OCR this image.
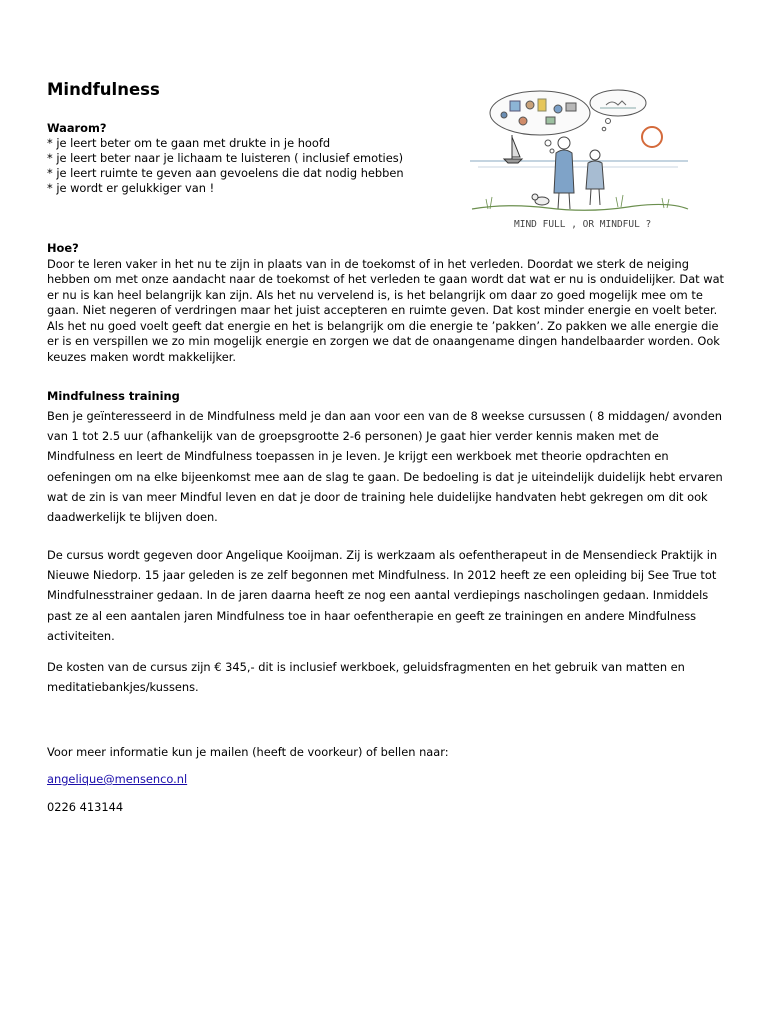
Mindfulness
Waarom?
* je leert beter om te gaan met drukte in je hoofd
* je leert beter naar je lichaam te luisteren ( inclusief emoties)
* je leert ruimte te geven aan gevoelens die dat nodig hebben
* je wordt er gelukkiger van !
MIND FULL , OR MINDFUL ?
Hoe?

Door te leren vaker in het nu te zijn in plaats van in de toekomst of in het verleden. Doordat we sterk de neiging hebben om met onze aandacht naar de toekomst of het verleden te gaan wordt dat wat er nu is onduidelijker. Dat wat er nu is kan heel belangrijk kan zijn. Als het nu vervelend is, is het belangrijk om daar zo goed mogelijk mee om te gaan. Niet negeren of verdringen maar het juist accepteren en ruimte geven. Dat kost minder energie en voelt beter. Als het nu goed voelt geeft dat energie en het is belangrijk om die energie te ’pakken’. Zo pakken we alle energie die er is en verspillen we zo min mogelijk energie en zorgen we dat de onaangename dingen handelbaarder worden. Ook keuzes maken wordt makkelijker.

Mindfulness training

Ben je geïnteresseerd in de Mindfulness meld je dan aan voor een van de 8 weekse cursussen ( 8 middagen/ avonden van 1 tot 2.5 uur (afhankelijk van de groepsgrootte 2-6 personen) Je gaat hier verder kennis maken met de Mindfulness en leert de Mindfulness toepassen in je leven. Je krijgt een werkboek met theorie opdrachten en oefeningen om na elke bijeenkomst mee aan de slag te gaan. De bedoeling is dat je uiteindelijk duidelijk hebt ervaren wat de zin is van meer Mindful leven en dat je door de training hele duidelijke handvaten hebt gekregen om dit ook daadwerkelijk te blijven doen.

De cursus wordt gegeven door Angelique Kooijman. Zij is werkzaam als oefentherapeut in de Mensendieck Praktijk in Nieuwe Niedorp. 15 jaar geleden is ze zelf begonnen met Mindfulness. In 2012 heeft ze een opleiding bij See True tot Mindfulnesstrainer gedaan. In de jaren daarna heeft ze nog een aantal verdiepings nascholingen gedaan. Inmiddels past ze al een aantalen jaren Mindfulness toe in haar oefentherapie en geeft ze trainingen en andere Mindfulness activiteiten.

De kosten van de cursus zijn € 345,- dit is inclusief werkboek, geluidsfragmenten en het gebruik van matten en meditatiebankjes/kussens.

Voor meer informatie kun je mailen (heeft de voorkeur) of bellen naar:

angelique@mensenco.nl
0226 413144
